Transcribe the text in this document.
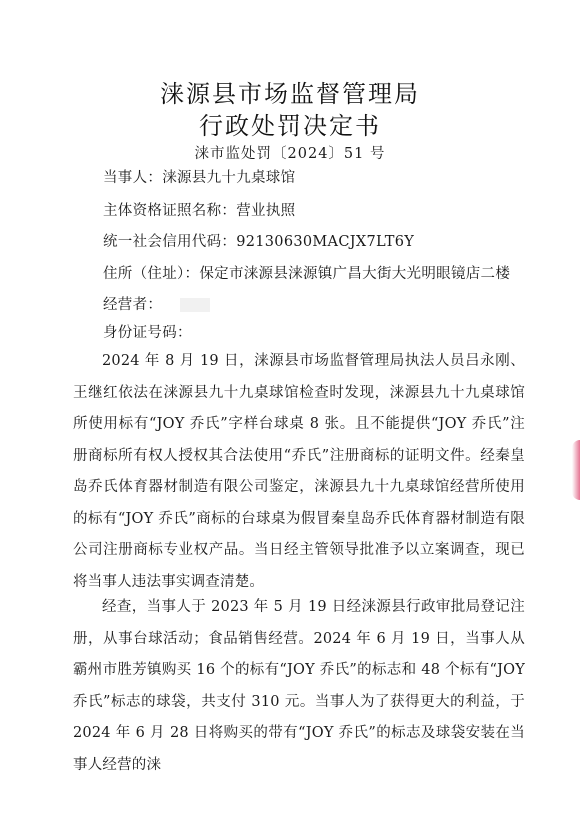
涞源县市场监督管理局
行政处罚决定书
涞市监处罚〔2024〕51 号
当事人：涞源县九十九桌球馆
主体资格证照名称：营业执照
统一社会信用代码：92130630MACJX7LT6Y
住所（住址）：保定市涞源县涞源镇广昌大街大光明眼镜店二楼
经营者：
身份证号码：

2024 年 8 月 19 日，涞源县市场监督管理局执法人员吕永刚、王继红依法在涞源县九十九桌球馆检查时发现，涞源县九十九桌球馆所使用标有“JOY 乔氏”字样台球桌 8 张。且不能提供“JOY 乔氏”注册商标所有权人授权其合法使用“乔氏”注册商标的证明文件。经秦皇岛乔氏体育器材制造有限公司鉴定，涞源县九十九桌球馆经营所使用的标有“JOY 乔氏”商标的台球桌为假冒秦皇岛乔氏体育器材制造有限公司注册商标专业权产品。当日经主管领导批准予以立案调查，现已将当事人违法事实调查清楚。

经查，当事人于 2023 年 5 月 19 日经涞源县行政审批局登记注册，从事台球活动；食品销售经营。2024 年 6 月 19 日，当事人从霸州市胜芳镇购买 16 个的标有“JOY 乔氏”的标志和 48 个标有“JOY 乔氏”标志的球袋，共支付 310 元。当事人为了获得更大的利益，于 2024 年 6 月 28 日将购买的带有“JOY 乔氏”的标志及球袋安装在当事人经营的涞
